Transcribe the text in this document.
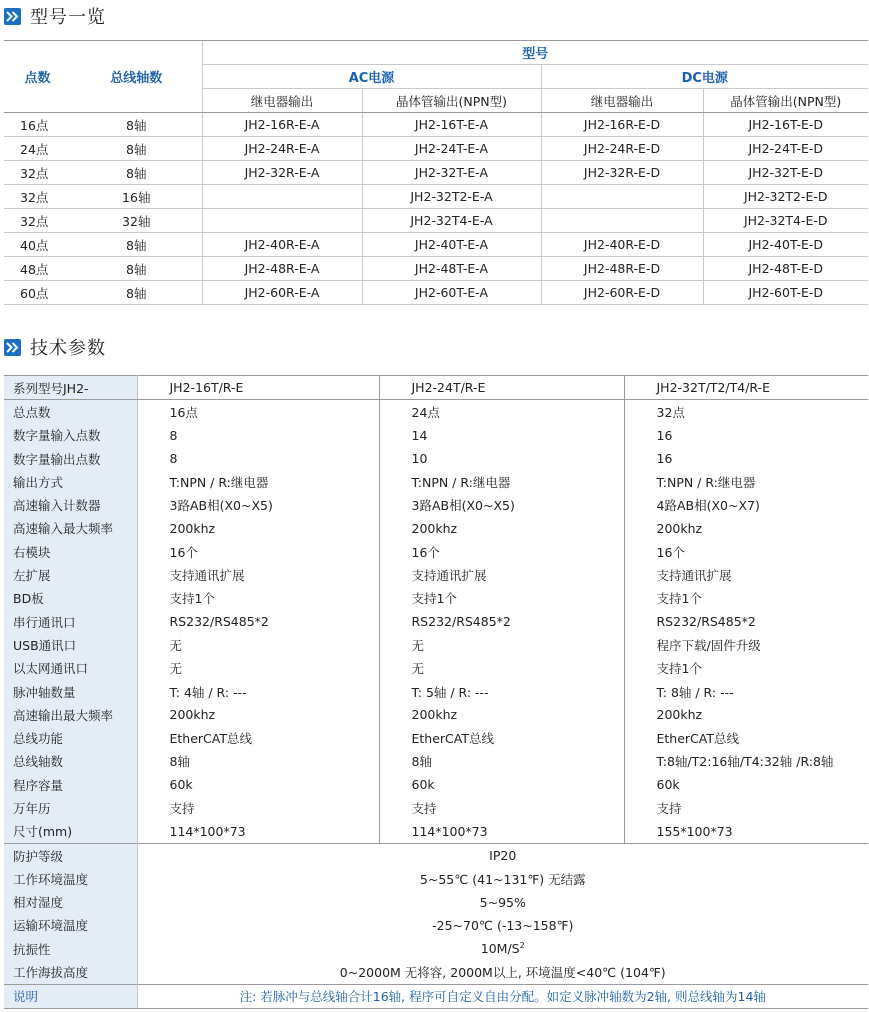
型号一览
点数	总线轴数	型号			
		AC电源		DC电源	
		继电器输出	晶体管输出(NPN型)	继电器输出	晶体管输出(NPN型)
16点	8轴	JH2-16R-E-A	JH2-16T-E-A	JH2-16R-E-D	JH2-16T-E-D
24点	8轴	JH2-24R-E-A	JH2-24T-E-A	JH2-24R-E-D	JH2-24T-E-D
32点	8轴	JH2-32R-E-A	JH2-32T-E-A	JH2-32R-E-D	JH2-32T-E-D
32点	16轴		JH2-32T2-E-A		JH2-32T2-E-D
32点	32轴		JH2-32T4-E-A		JH2-32T4-E-D
40点	8轴	JH2-40R-E-A	JH2-40T-E-A	JH2-40R-E-D	JH2-40T-E-D
48点	8轴	JH2-48R-E-A	JH2-48T-E-A	JH2-48R-E-D	JH2-48T-E-D
60点	8轴	JH2-60R-E-A	JH2-60T-E-A	JH2-60R-E-D	JH2-60T-E-D
技术参数
系列型号JH2-	JH2-16T/R-E	JH2-24T/R-E	JH2-32T/T2/T4/R-E
总点数	16点	24点	32点
数字量输入点数	8	14	16
数字量输出点数	8	10	16
输出方式	T:NPN / R:继电器	T:NPN / R:继电器	T:NPN / R:继电器
高速输入计数器	3路AB相(X0~X5)	3路AB相(X0~X5)	4路AB相(X0~X7)
高速输入最大频率	200khz	200khz	200khz
右模块	16个	16个	16个
左扩展	支持通讯扩展	支持通讯扩展	支持通讯扩展
BD板	支持1个	支持1个	支持1个
串行通讯口	RS232/RS485*2	RS232/RS485*2	RS232/RS485*2
USB通讯口	无	无	程序下载/固件升级
以太网通讯口	无	无	支持1个
脉冲轴数量	T: 4轴 / R: ---	T: 5轴 / R: ---	T: 8轴 / R: ---
高速输出最大频率	200khz	200khz	200khz
总线功能	EtherCAT总线	EtherCAT总线	EtherCAT总线
总线轴数	8轴	8轴	T:8轴/T2:16轴/T4:32轴 /R:8轴
程序容量	60k	60k	60k
万年历	支持	支持	支持
尺寸(mm)	114*100*73	114*100*73	155*100*73
防护等级	IP20		
工作环境温度	5~55℃ (41~131℉) 无结露		
相对湿度	5~95%		
运输环境温度	-25~70℃ (-13~158℉)		
抗振性	$10M/S^2$
工作海拔高度	0~2000M 无将容, 2000M以上, 环境温度<40℃ (104℉)		
说明	注: 若脉冲与总线轴合计16轴, 程序可自定义自由分配。如定义脉冲轴数为2轴, 则总线轴为14轴		
